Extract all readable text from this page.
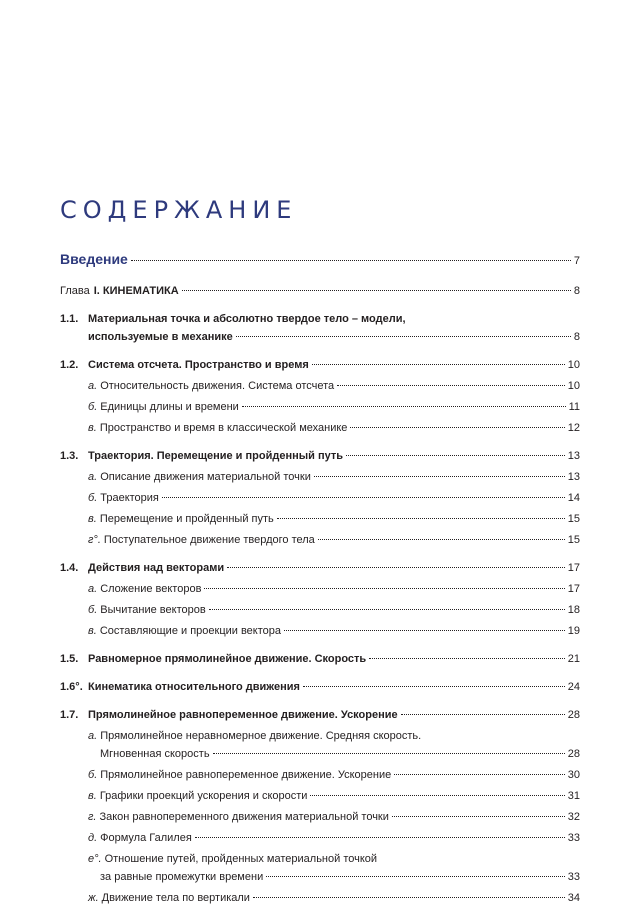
СОДЕРЖАНИЕ
Введение	7
Глава I. КИНЕМАТИКА	8
1.1. Материальная точка и абсолютно твердое тело – модели,
используемые в механике	8
1.2. Система отсчета. Пространство и время	10
а. Относительность движения. Система отсчета	10
б. Единицы длины и времени	11
в. Пространство и время в классической механике	12
1.3. Траектория. Перемещение и пройденный путь	13
а. Описание движения материальной точки	13
б. Траектория	14
в. Перемещение и пройденный путь	15
г°. Поступательное движение твердого тела	15
1.4. Действия над векторами	17
а. Сложение векторов	17
б. Вычитание векторов	18
в. Составляющие и проекции вектора	19
1.5. Равномерное прямолинейное движение. Скорость	21
1.6°. Кинематика относительного движения	24
1.7. Прямолинейное равнопеременное движение. Ускорение	28
а. Прямолинейное неравномерное движение. Средняя скорость.
Мгновенная скорость	28
б. Прямолинейное равнопеременное движение. Ускорение	30
в. Графики проекций ускорения и скорости	31
г. Закон равнопеременного движения материальной точки	32
д. Формула Галилея	33
е°. Отношение путей, пройденных материальной точкой
за равные промежутки времени	33
ж. Движение тела по вертикали	34
